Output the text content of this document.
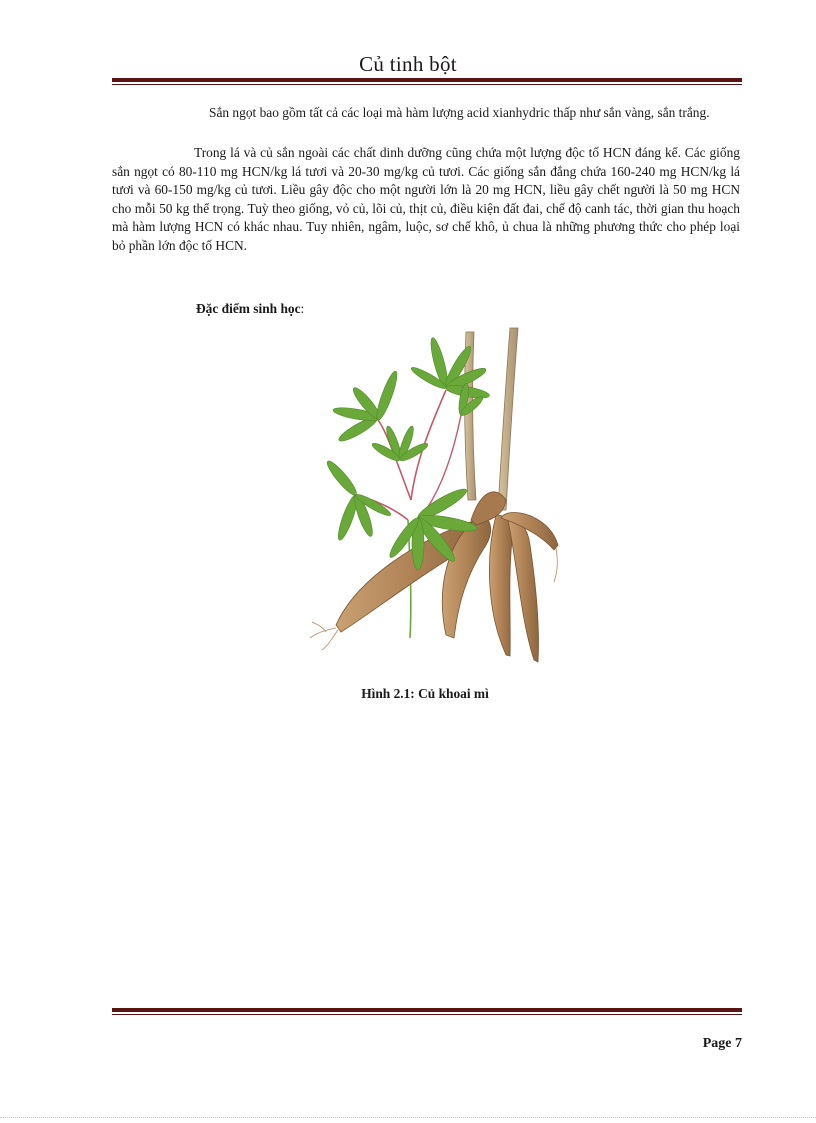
Củ tinh bột

Sắn ngọt bao gồm tất cả các loại mà hàm lượng acid xianhydric thấp như sắn vàng, sắn trắng.

Trong lá và củ sắn ngoài các chất dinh dưỡng cũng chứa một lượng độc tố HCN đáng kể. Các giống sắn ngọt có 80-110 mg HCN/kg lá tươi và 20-30 mg/kg củ tươi. Các giống sắn đắng chứa 160-240 mg HCN/kg lá tươi và 60-150 mg/kg củ tươi. Liều gây độc cho một người lớn là 20 mg HCN, liều gây chết người là 50 mg HCN cho mỗi 50 kg thể trọng. Tuỳ theo giống, vỏ củ, lõi củ, thịt củ, điều kiện đất đai, chế độ canh tác, thời gian thu hoạch mà hàm lượng HCN có khác nhau. Tuy nhiên, ngâm, luộc, sơ chế khô, ủ chua là những phương thức cho phép loại bỏ phần lớn độc tố HCN.

Đặc điểm sinh học:
Hình 2.1: Củ khoai mì
Page 7
